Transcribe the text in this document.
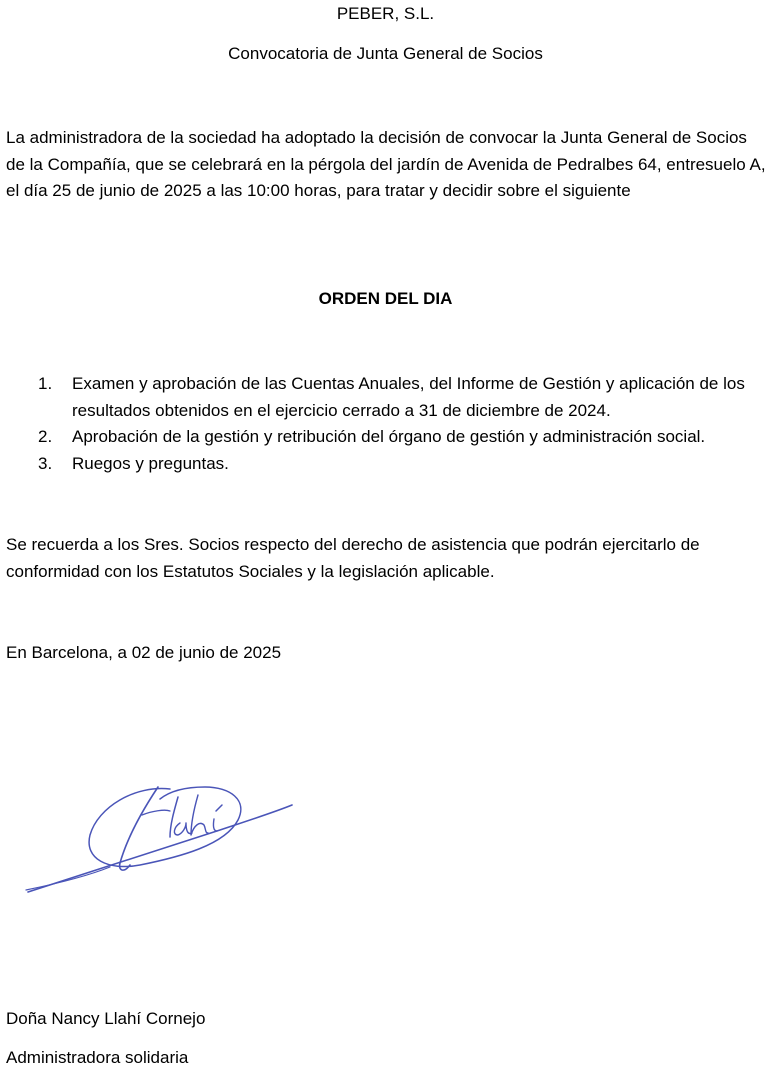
PEBER, S.L.
Convocatoria de Junta General de Socios

La administradora de la sociedad ha adoptado la decisión de convocar la Junta General de Socios de la Compañía, que se celebrará en la pérgola del jardín de Avenida de Pedralbes 64, entresuelo A, el día 25 de junio de 2025 a las 10:00 horas, para tratar y decidir sobre el siguiente

ORDEN DEL DIA
1.	Examen y aprobación de las Cuentas Anuales, del Informe de Gestión y aplicación de los resultados obtenidos en el ejercicio cerrado a 31 de diciembre de 2024.
2.	Aprobación de la gestión y retribución del órgano de gestión y administración social.
3.	Ruegos y preguntas.

Se recuerda a los Sres. Socios respecto del derecho de asistencia que podrán ejercitarlo de conformidad con los Estatutos Sociales y la legislación aplicable.

En Barcelona, a 02 de junio de 2025
Doña Nancy Llahí Cornejo
Administradora solidaria
